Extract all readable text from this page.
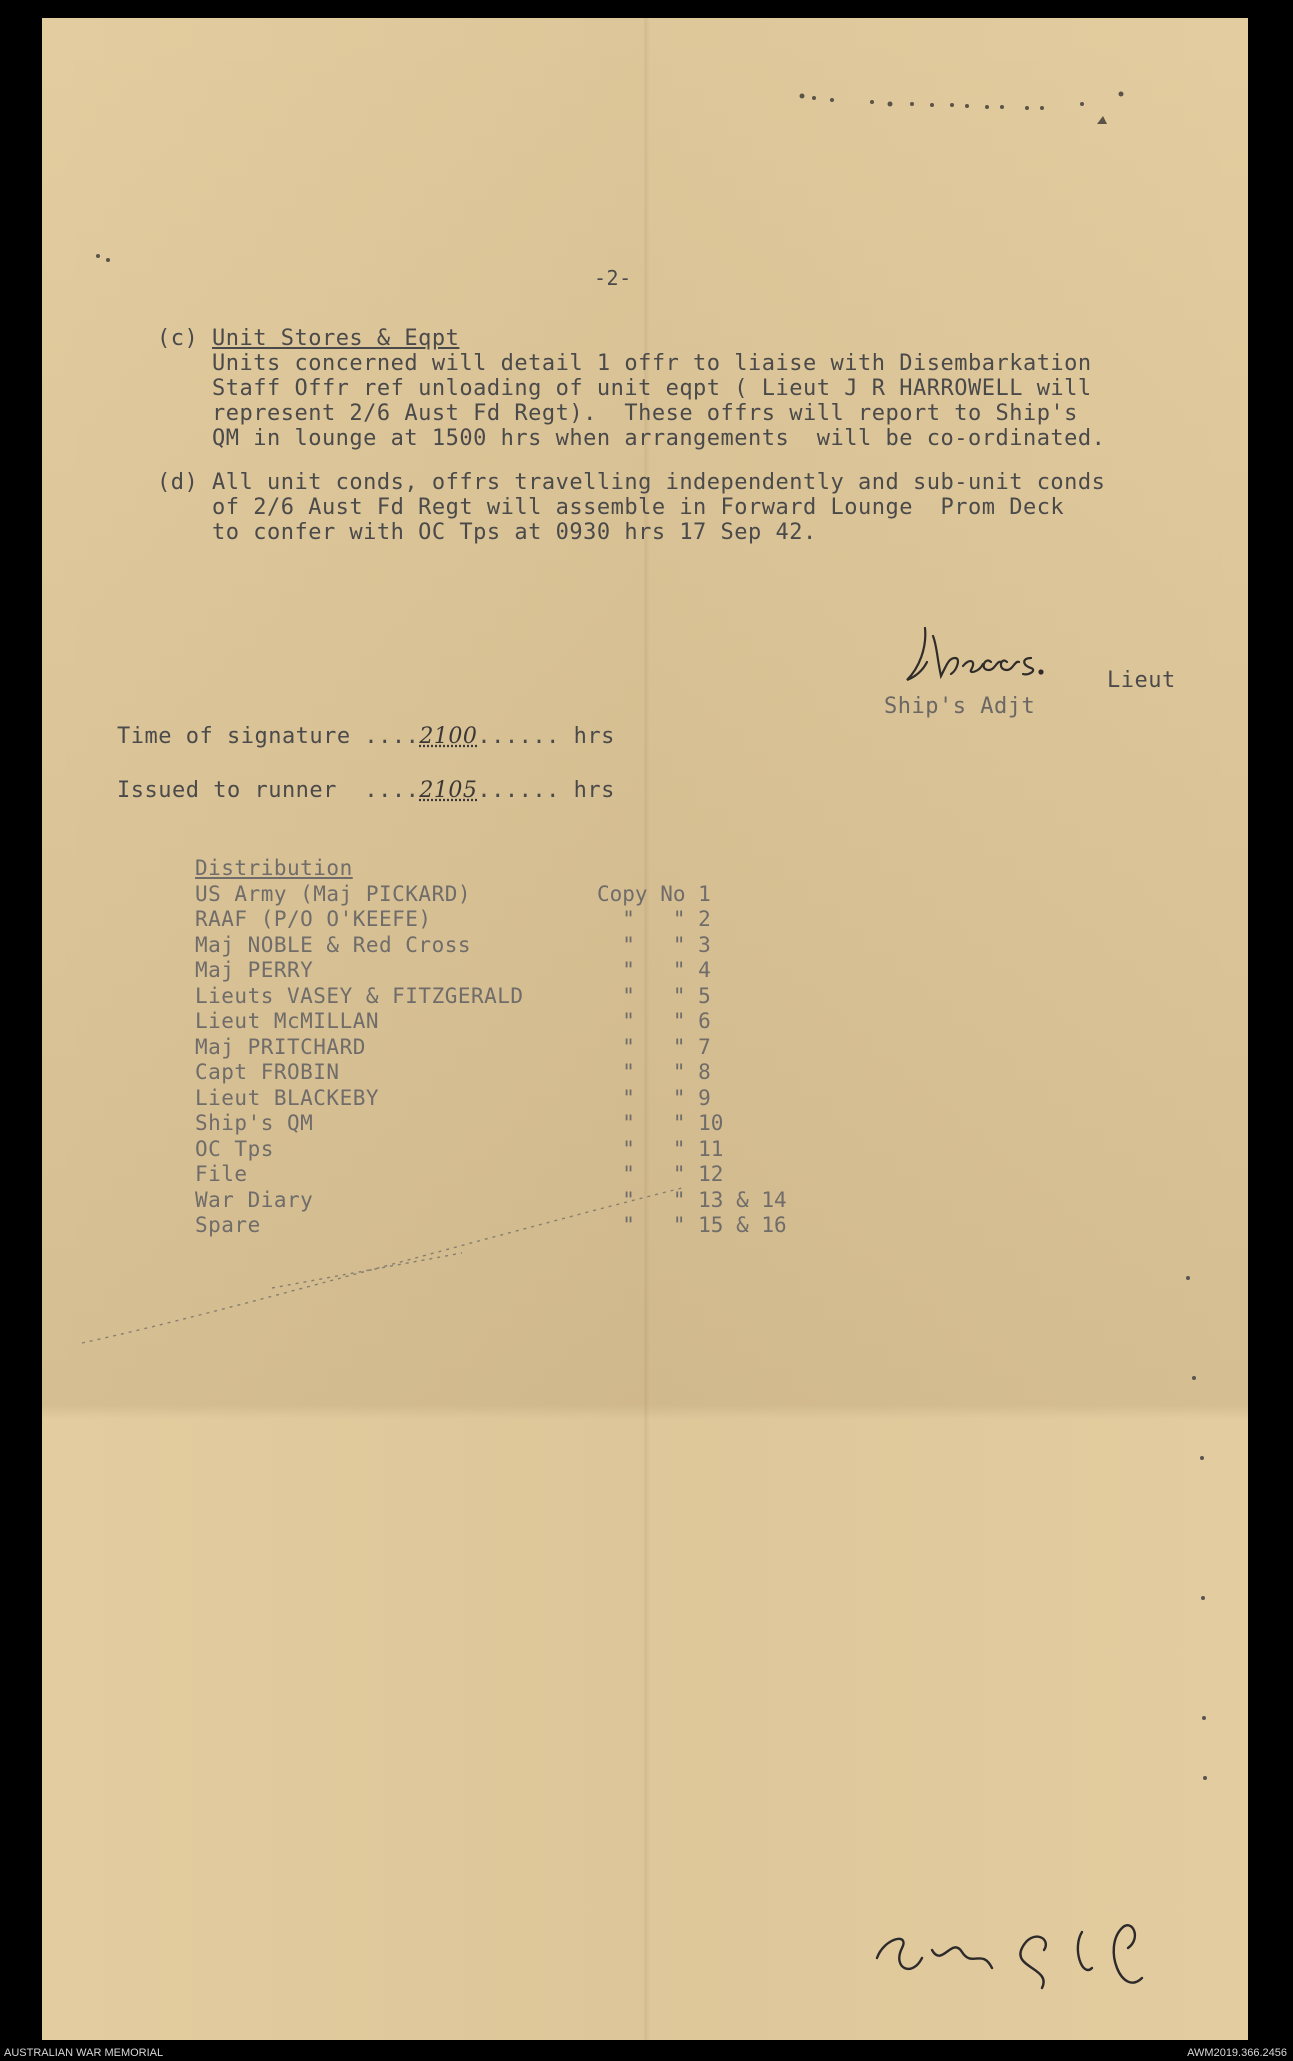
-2-
(c) Unit Stores & Eqpt
Units concerned will detail 1 offr to liaise with Disembarkation
Staff Offr ref unloading of unit eqpt ( Lieut J R HARROWELL will
represent 2/6 Aust Fd Regt).  These offrs will report to Ship's
QM in lounge at 1500 hrs when arrangements  will be co-ordinated.
(d) All unit conds, offrs travelling independently and sub-unit conds
of 2/6 Aust Fd Regt will assemble in Forward Lounge  Prom Deck
to confer with OC Tps at 0930 hrs 17 Sep 42.
Lieut
Ship's Adjt
Time of signature ....2100...... hrs
Issued to runner  ....2105...... hrs
Distribution
US Army (Maj PICKARD)
RAAF (P/O O'KEEFE)
Maj NOBLE & Red Cross
Maj PERRY
Lieuts VASEY & FITZGERALD
Lieut McMILLAN
Maj PRITCHARD
Capt FROBIN
Lieut BLACKEBY
Ship's QM
OC Tps
File
War Diary
Spare

Copy No 1
"   " 2
"   " 3
"   " 4
"   " 5
"   " 6
"   " 7
"   " 8
"   " 9
"   " 10
"   " 11
"   " 12
"   " 13 & 14
"   " 15 & 16
AUSTRALIAN WAR MEMORIAL	AWM2019.366.2456
